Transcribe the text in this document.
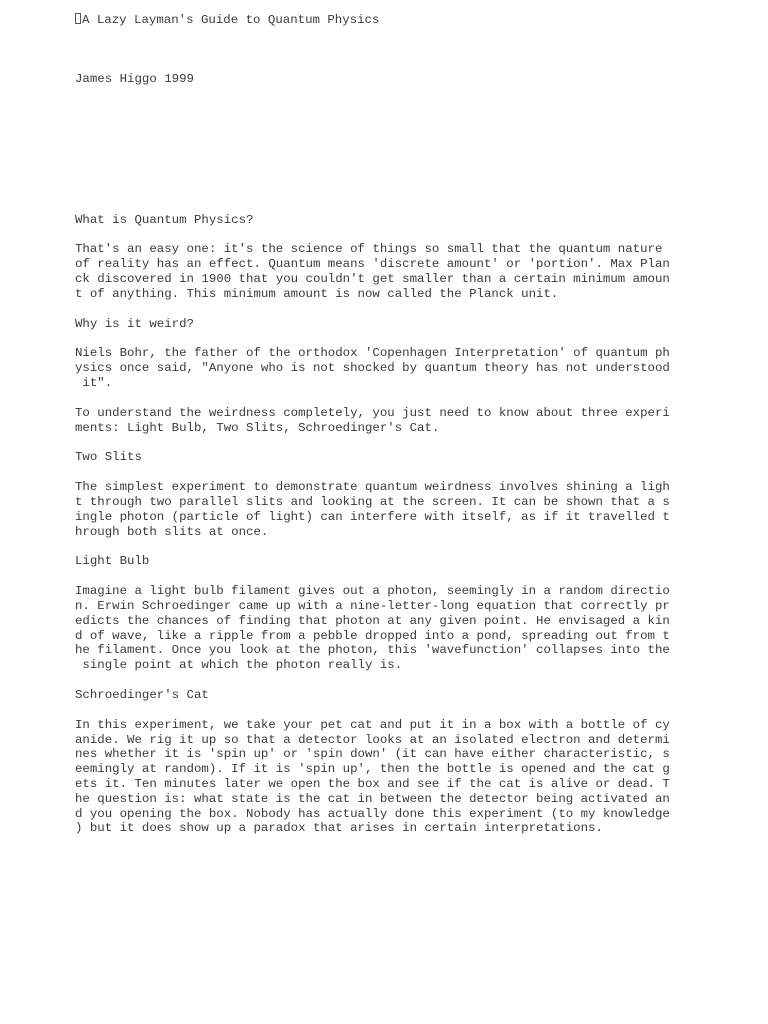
A Lazy Layman's Guide to Quantum Physics
James Higgo 1999
What is Quantum Physics?
That's an easy one: it's the science of things so small that the quantum nature
of reality has an effect. Quantum means 'discrete amount' or 'portion'. Max Plan
ck discovered in 1900 that you couldn't get smaller than a certain minimum amoun
t of anything. This minimum amount is now called the Planck unit.
Why is it weird?
Niels Bohr, the father of the orthodox 'Copenhagen Interpretation' of quantum ph
ysics once said, "Anyone who is not shocked by quantum theory has not understood
it".
To understand the weirdness completely, you just need to know about three experi
ments: Light Bulb, Two Slits, Schroedinger's Cat.
Two Slits
The simplest experiment to demonstrate quantum weirdness involves shining a ligh
t through two parallel slits and looking at the screen. It can be shown that a s
ingle photon (particle of light) can interfere with itself, as if it travelled t
hrough both slits at once.
Light Bulb
Imagine a light bulb filament gives out a photon, seemingly in a random directio
n. Erwin Schroedinger came up with a nine-letter-long equation that correctly pr
edicts the chances of finding that photon at any given point. He envisaged a kin
d of wave, like a ripple from a pebble dropped into a pond, spreading out from t
he filament. Once you look at the photon, this 'wavefunction' collapses into the
single point at which the photon really is.
Schroedinger's Cat
In this experiment, we take your pet cat and put it in a box with a bottle of cy
anide. We rig it up so that a detector looks at an isolated electron and determi
nes whether it is 'spin up' or 'spin down' (it can have either characteristic, s
eemingly at random). If it is 'spin up', then the bottle is opened and the cat g
ets it. Ten minutes later we open the box and see if the cat is alive or dead. T
he question is: what state is the cat in between the detector being activated an
d you opening the box. Nobody has actually done this experiment (to my knowledge
) but it does show up a paradox that arises in certain interpretations.
